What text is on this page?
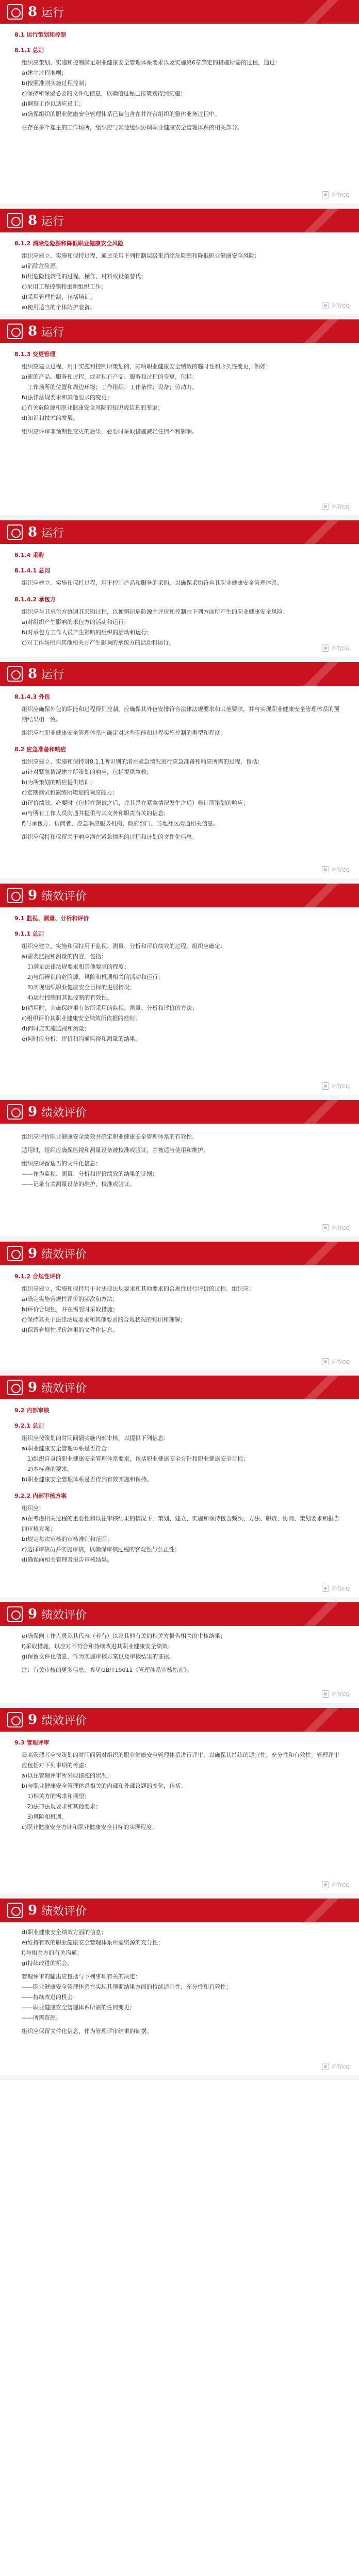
8 运行
8.1 运行策划和控制
8.1.1 总则
组织应策划、实施和控制满足职业健康安全管理体系要求以及实施第6章确定的措施所需的过程，通过：
a)建立过程准则；
b)按照准则实施过程控制；
c)保持和保留必要的文件化信息，以确信过程已按策划得到实施；
d)调整工作以适应员工；
e)确保组织的职业健康安全管理体系已被包含在并符合组织的整体业务过程中。
在存在多个雇主的工作场所，组织应与其他组织协调职业健康安全管理体系的相关部分。
环智CQ
8 运行
8.1.2 消除危险源和降低职业健康安全风险
组织应建立、实施和保持过程，通过采用下列控制层级来消除危险源和降低职业健康安全风险：
a)消除危险源；
b)用危险性较低的过程、操作、材料或设备替代；
c)采用工程控制和重新组织工作；
d)采用管理控制，包括培训；
e)使用适当的个体防护装备。	环智CQ
8 运行
8.1.3 变更管理
组织应建立过程，用于实施和控制所策划的、影响职业健康安全绩效的临时性和永久性变更，例如：
a)新的产品、服务和过程，或对现有产品、服务和过程的变更，包括：
　工作场所的位置和周边环境；工作组织；工作条件；设备；劳动力。
b)法律法规要求和其他要求的变更；
c)有关危险源和职业健康安全风险的知识或信息的变更；
d)知识和技术的发展。
组织应评审非预期性变更的后果，必要时采取措施减轻任何不利影响。
环智CQ
8 运行
8.1.4 采购
8.1.4.1 总则
组织应建立、实施和保持过程，用于控制产品和服务的采购，以确保采购符合其职业健康安全管理体系。
8.1.4.2 承包方
组织应与其承包方协调其采购过程，以便辨识危险源并评价和控制由下列方面所产生的职业健康安全风险：
a)对组织产生影响的承包方的活动和运行；
b)对承包方工作人员产生影响的组织的活动和运行；
c)对工作场所内其他相关方产生影响的承包方的活动和运行。
环智CQ
8 运行
8.1.4.3 外包
组织应确保外包的职能和过程得到控制，应确保其外包安排符合法律法规要求和其他要求，并与实现职业健康安全管理体系的预期结果相一致。
组织应在职业健康安全管理体系内确定对这些职能和过程实施控制的类型和程度。
8.2 应急准备和响应
组织应建立、实施和保持对8.1.1所识别的潜在紧急情况进行应急准备和响应所需的过程，包括：
a)针对紧急情况建立所策划的响应，包括提供急救；
b)为所策划的响应提供培训；
c)定期测试和演练所策划的响应能力；
d)评价绩效，必要时（包括在测试之后，尤其是在紧急情况发生之后）修订所策划的响应；
e)与所有工作人员沟通并提供与其义务和职责有关的信息；
f)与承包方、访问者、应急响应服务机构、政府部门、当地社区沟通相关信息。
组织应保持和保留关于响应潜在紧急情况的过程和计划的文件化信息。
环智CQ
9 绩效评价
9.1 监视、测量、分析和评价
9.1.1 总则
组织应建立、实施和保持用于监视、测量、分析和评价绩效的过程。组织应确定：
a)需要监视和测量的内容，包括：
　1)满足法律法规要求和其他要求的程度；
　2)与所辨识的危险源、风险和机遇相关的活动和运行；
　3)实现组织职业健康安全目标的进展情况；
　4)运行控制和其他控制的有效性。
b)适用时，为确保结果有效所采用的监视、测量、分析和评价的方法；
c)组织评价其职业健康安全绩效所依据的准则；
d)何时应实施监视和测量；
e)何时应分析、评价和沟通监视和测量的结果。
环智CQ
9 绩效评价
组织应评价职业健康安全绩效并确定职业健康安全管理体系的有效性。
适用时，组织应确保监视和测量设备被校准或验证，并被适当使用和维护。
组织应保留适当的文件化信息：
——作为监视、测量、分析和评价绩效的结果的证据；
——记录有关测量设备的维护、校准或验证。
环智CQ
9 绩效评价
9.1.2 合规性评价
组织应建立、实施和保持用于对法律法规要求和其他要求的合规性进行评价的过程。组织应：
a)确定实施合规性评价的频次和方法；
b)评价合规性，并在需要时采取措施；
c)保持其关于法律法规要求和其他要求的合规状况的知识和理解；
d)保留合规性评价结果的文件化信息。
环智CQ
9 绩效评价
9.2 内部审核
9.2.1 总则
组织应按策划的时间间隔实施内部审核，以提供下列信息：
a)职业健康安全管理体系是否符合：
　1)组织自身的职业健康安全管理体系要求，包括职业健康安全方针和职业健康安全目标；
　2)本标准的要求。
b)职业健康安全管理体系是否得到有效实施和保持。
9.2.2 内部审核方案
组织应：
a)在考虑相关过程的重要性和以往审核结果的情况下，策划、建立、实施和保持包含频次、方法、职责、协商、策划要求和报告的审核方案；
b)规定每次审核的审核准则和范围；
c)选择审核员并实施审核，以确保审核过程的客观性与公正性；
d)确保向相关管理者报告审核结果。
环智CQ
9 绩效评价
e)确保向工作人员及其代表（若有）以及其他有关的相关方报告相关的审核结果；
f)采取措施，以应对不符合和持续改进其职业健康安全绩效；
g)保留文件化信息，作为实施审核方案以及审核结果的证据。
注：有关审核的更多信息，参见GB/T19011《管理体系审核指南》。
环智CQ
9 绩效评价
9.3 管理评审
最高管理者应按策划的时间间隔对组织的职业健康安全管理体系进行评审，以确保其持续的适宜性、充分性和有效性。管理评审应包括对下列事项的考虑：
a)以往管理评审所采取措施的状况；
b)与职业健康安全管理体系相关的内部和外部议题的变化，包括：
　1)相关方的需求和期望；
　2)法律法规要求和其他要求；
　3)风险和机遇。
c)职业健康安全方针和职业健康安全目标的实现程度；
环智CQ
9 绩效评价
d)职业健康安全绩效方面的信息；
e)维持有效的职业健康安全管理体系所需资源的充分性；
f)与相关方的有关沟通；
g)持续改进的机会。
管理评审的输出应包括与下列事项有关的决定：
——职业健康安全管理体系在实现其预期结果方面的持续适宜性、充分性和有效性；
——持续改进的机会；
——职业健康安全管理体系所需的任何变更；
——所需资源。
组织应保留文件化信息，作为管理评审结果的证据。
环智CQ
